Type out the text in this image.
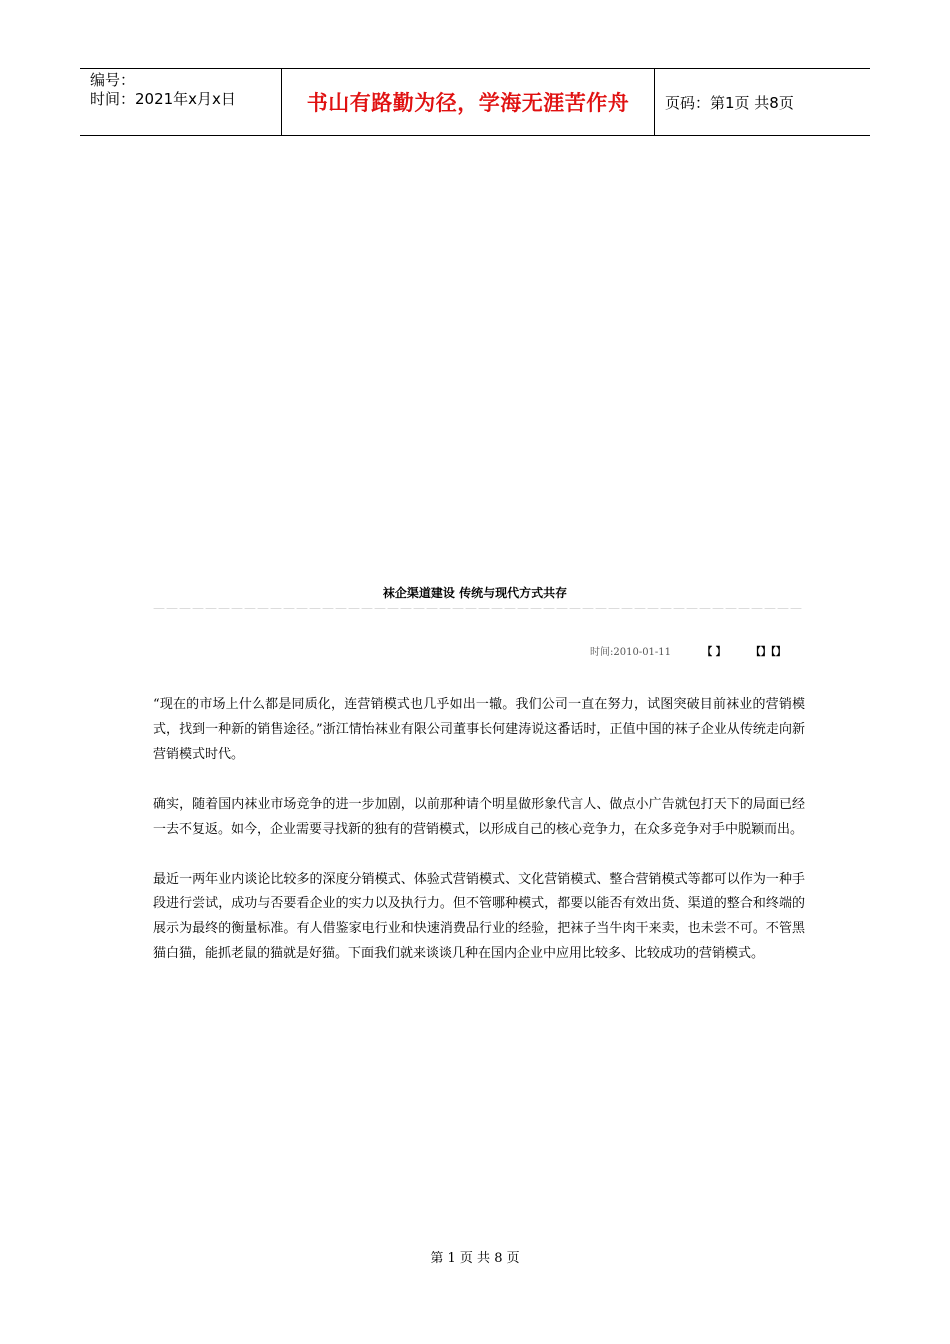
编号：
时间：2021年x月x日	书山有路勤为径，学海无涯苦作舟 页码：第1页 共8页
袜企渠道建设 传统与现代方式共存
——————————————————————————————————————————————————
时间:2010-01-11	【 】	【】【】

“现在的市场上什么都是同质化，连营销模式也几乎如出一辙。我们公司一直在努力，试图突破目前袜业的营销模式，找到一种新的销售途径。”浙江情怡袜业有限公司董事长何建涛说这番话时，正值中国的袜子企业从传统走向新营销模式时代。

确实，随着国内袜业市场竞争的进一步加剧，以前那种请个明星做形象代言人、做点小广告就包打天下的局面已经一去不复返。如今，企业需要寻找新的独有的营销模式，以形成自己的核心竞争力，在众多竞争对手中脱颖而出。

最近一两年业内谈论比较多的深度分销模式、体验式营销模式、文化营销模式、整合营销模式等都可以作为一种手段进行尝试，成功与否要看企业的实力以及执行力。但不管哪种模式，都要以能否有效出货、渠道的整合和终端的展示为最终的衡量标准。有人借鉴家电行业和快速消费品行业的经验，把袜子当牛肉干来卖，也未尝不可。不管黑猫白猫，能抓老鼠的猫就是好猫。下面我们就来谈谈几种在国内企业中应用比较多、比较成功的营销模式。

第 1 页 共 8 页
